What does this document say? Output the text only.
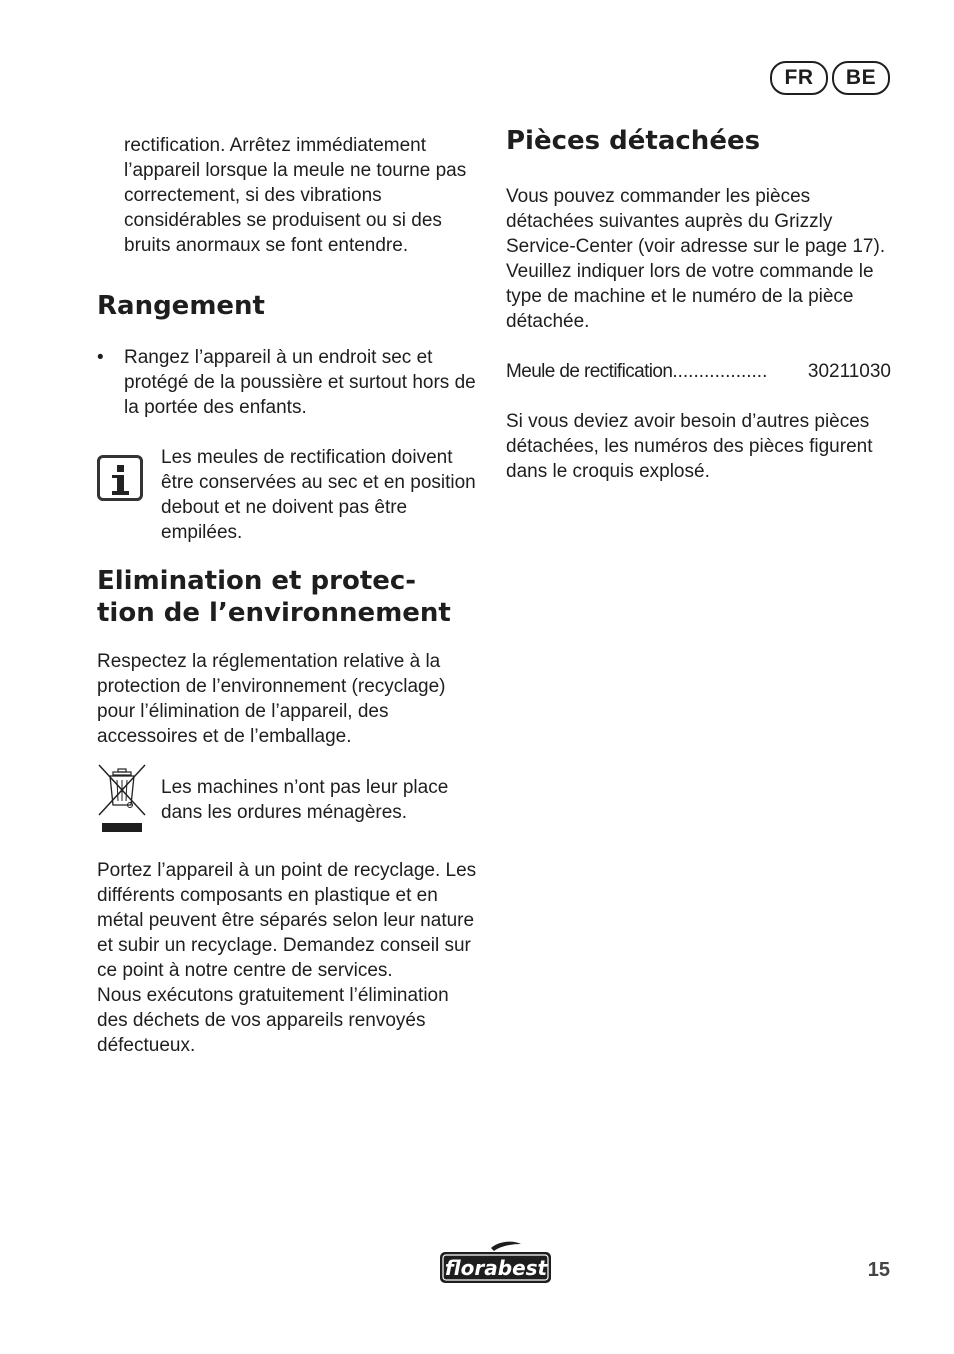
FR	BE

rectification. Arrêtez immédiatement l’appareil lorsque la meule ne tourne pas correctement, si des vibrations considérables se produisent ou si des bruits anormaux se font entendre.

Rangement
•	Rangez l’appareil à un endroit sec et protégé de la poussière et surtout hors de la portée des enfants.

Les meules de rectification doivent être conservées au sec et en position debout et ne doivent pas être empilées.

Elimination et protec-
tion de l’environnement

Respectez la réglementation relative à la protection de l’environnement (recyclage) pour l’élimination de l’appareil, des accessoires et de l’emballage.

Les machines n’ont pas leur place dans les ordures ménagères.

Portez l’appareil à un point de recyclage. Les différents composants en plastique et en métal peuvent être séparés selon leur nature et subir un recyclage. Demandez conseil sur ce point à notre centre de services.

Nous exécutons gratuitement l’élimination des déchets de vos appareils renvoyés défectueux.

Pièces détachées

Vous pouvez commander les pièces détachées suivantes auprès du Grizzly Service-Center (voir adresse sur le page 17). Veuillez indiquer lors de votre commande le type de machine et le numéro de la pièce détachée.

Meule de rectification ..................	30211030

Si vous deviez avoir besoin d’autres pièces détachées, les numéros des pièces figurent dans le croquis explosé.

florabest	15
